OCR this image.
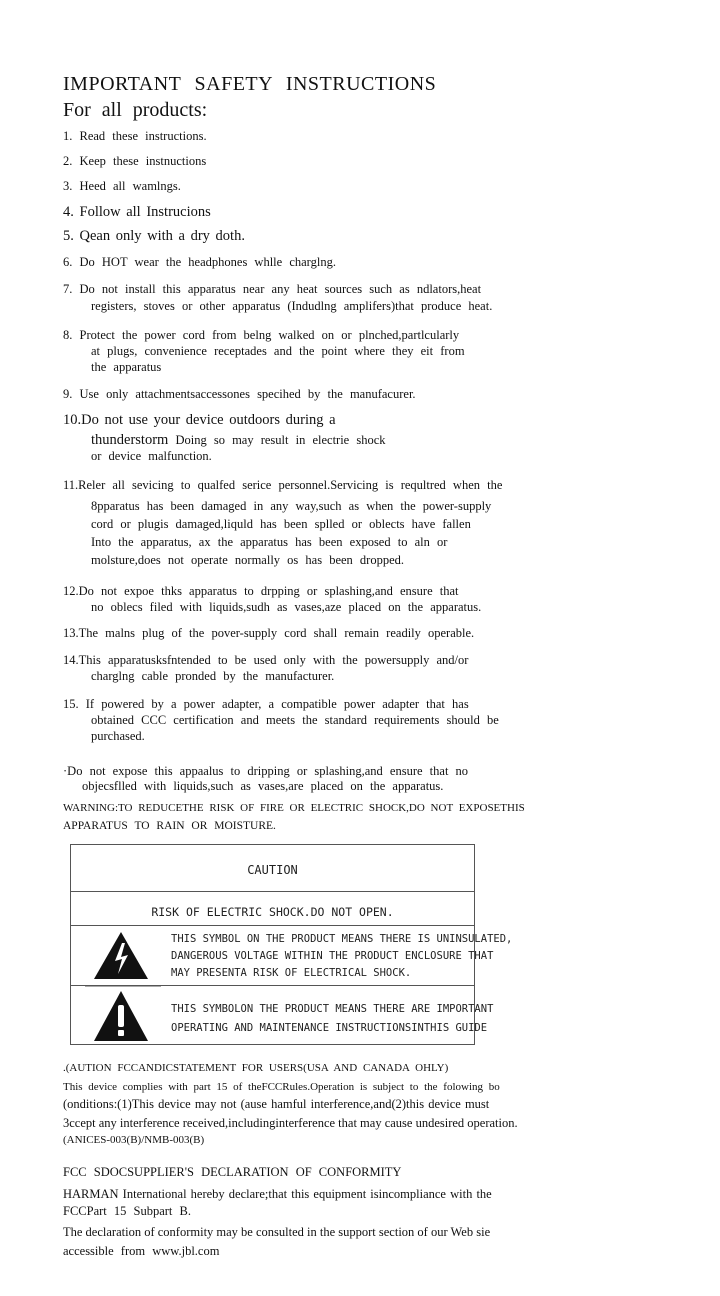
IMPORTANT SAFETY INSTRUCTIONS
For all products:
1. Read these instructions.
2. Keep these instnuctions
3. Heed all wamlngs.
4. Follow all Instrucions
5. Qean only with a dry doth.
6. Do HOT wear the headphones whlle charglng.
7. Do not install this apparatus near any heat sources such as ndlators,heat
registers, stoves or other apparatus (Indudlng amplifers)that produce heat.
8. Protect the power cord from belng walked on or plnched,partlcularly
at plugs, convenience receptades and the point where they eit from
the apparatus
9. Use only attachmentsaccessones specihed by the manufacurer.
10.Do not use your device outdoors during a
thunderstorm Doing so may result in electrie shock
or device malfunction.
11.Reler all sevicing to qualfed serice personnel.Servicing is requltred when the
8pparatus has been damaged in any way,such as when the power-supply
cord or plugis damaged,liquld has been splled or oblects have fallen
Into the apparatus, ax the apparatus has been exposed to aln or
molsture,does not operate normally os has been dropped.
12.Do not expoe thks apparatus to drpping or splashing,and ensure that
no oblecs filed with liquids,sudh as vases,aze placed on the apparatus.
13.The malns plug of the pover-supply cord shall remain readily operable.
14.This apparatusksfntended to be used only with the powersupply and/or
charglng cable pronded by the manufacturer.
15. If powered by a power adapter, a compatible power adapter that has
obtained CCC certification and meets the standard requirements should be
purchased.
·Do not expose this appaalus to dripping or splashing,and ensure that no
objecsflled with liquids,such as vases,are placed on the apparatus.
WARNING:TO REDUCETHE RISK OF FIRE OR ELECTRIC SHOCK,DO NOT EXPOSETHIS
APPARATUS TO RAIN OR MOISTURE.
CAUTION
RISK OF ELECTRIC SHOCK.DO NOT OPEN.
THIS SYMBOL ON THE PRODUCT MEANS THERE IS UNINSULATED,
DANGEROUS VOLTAGE WITHIN THE PRODUCT ENCLOSURE THAT
MAY PRESENTA RISK OF ELECTRICAL SHOCK.
THIS SYMBOLON THE PRODUCT MEANS THERE ARE IMPORTANT
OPERATING AND MAINTENANCE INSTRUCTIONSINTHIS GUIDE
.(AUTION FCCANDICSTATEMENT FOR USERS(USA AND CANADA OHLY)
This device complies with part 15 of theFCCRules.Operation is subject to the folowing bo
(onditions:(1)This device may not (ause hamful interference,and(2)this device must
3ccept any interference received,includinginterference that may cause undesired operation.
(ANICES-003(B)/NMB-003(B)
FCC SDOCSUPPLIER'S DECLARATION OF CONFORMITY
HARMAN International hereby declare;that this equipment isincompliance with the
FCCPart 15 Subpart B.
The declaration of conformity may be consulted in the support section of our Web sie
accessible from www.jbl.com
